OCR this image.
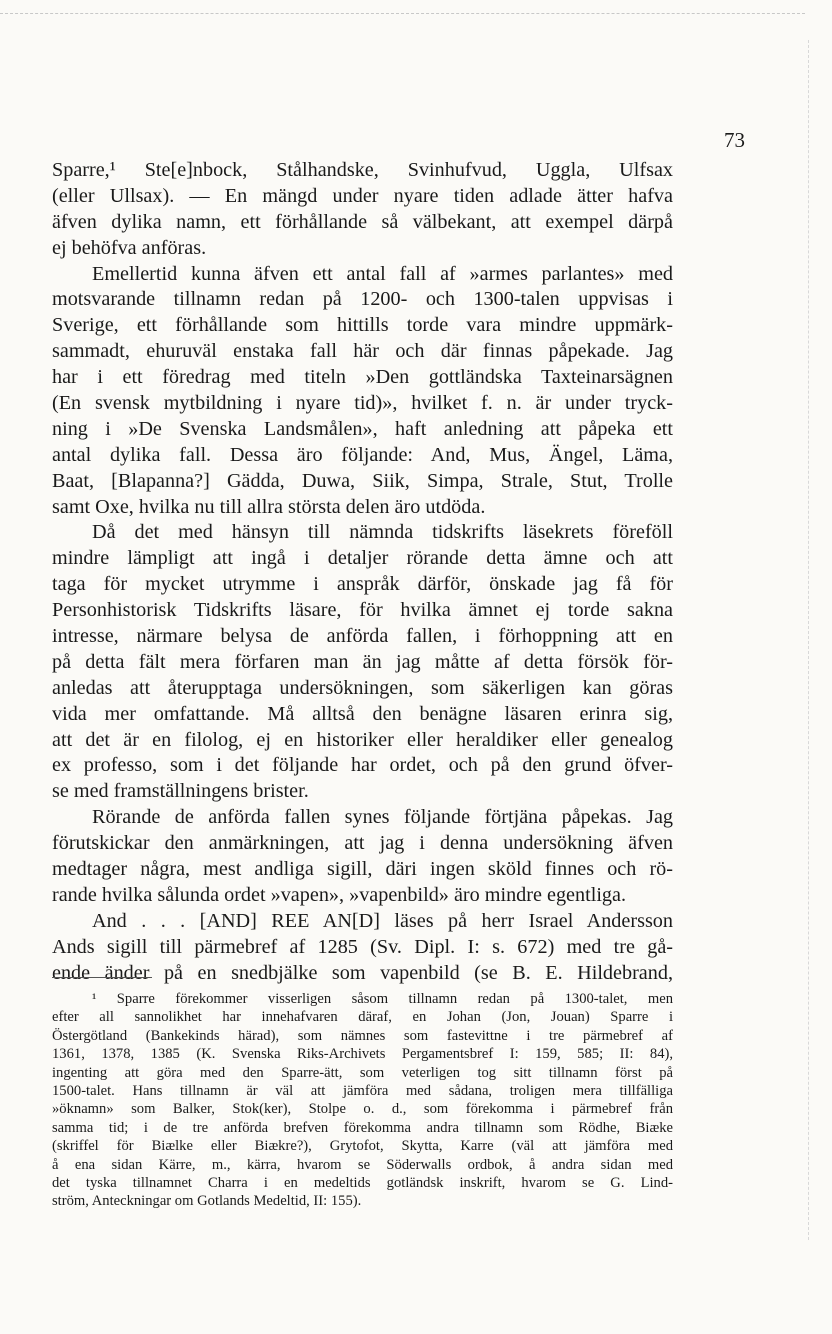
73
Sparre,¹ Ste[e]nbock, Stålhandske, Svinhufvud, Uggla, Ulfsax
(eller Ullsax). — En mängd under nyare tiden adlade ätter hafva
äfven dylika namn, ett förhållande så välbekant, att exempel därpå
ej behöfva anföras.
Emellertid kunna äfven ett antal fall af »armes parlantes» med
motsvarande tillnamn redan på 1200- och 1300-talen uppvisas i
Sverige, ett förhållande som hittills torde vara mindre uppmärk-
sammadt, ehuruväl enstaka fall här och där finnas påpekade. Jag
har i ett föredrag med titeln »Den gottländska Taxteinarsägnen
(En svensk mytbildning i nyare tid)», hvilket f. n. är under tryck-
ning i »De Svenska Landsmålen», haft anledning att påpeka ett
antal dylika fall. Dessa äro följande: And, Mus, Ängel, Läma,
Baat, [Blapanna?] Gädda, Duwa, Siik, Simpa, Strale, Stut, Trolle
samt Oxe, hvilka nu till allra största delen äro utdöda.
Då det med hänsyn till nämnda tidskrifts läsekrets föreföll
mindre lämpligt att ingå i detaljer rörande detta ämne och att
taga för mycket utrymme i anspråk därför, önskade jag få för
Personhistorisk Tidskrifts läsare, för hvilka ämnet ej torde sakna
intresse, närmare belysa de anförda fallen, i förhoppning att en
på detta fält mera förfaren man än jag måtte af detta försök för-
anledas att återupptaga undersökningen, som säkerligen kan göras
vida mer omfattande. Må alltså den benägne läsaren erinra sig,
att det är en filolog, ej en historiker eller heraldiker eller genealog
ex professo, som i det följande har ordet, och på den grund öfver-
se med framställningens brister.
Rörande de anförda fallen synes följande förtjäna påpekas. Jag
förutskickar den anmärkningen, att jag i denna undersökning äfven
medtager några, mest andliga sigill, däri ingen sköld finnes och rö-
rande hvilka sålunda ordet »vapen», »vapenbild» äro mindre egentliga.
And . . . [AND] REE AN[D] läses på herr Israel Andersson
Ands sigill till pärmebref af 1285 (Sv. Dipl. I: s. 672) med tre gå-
ende änder på en snedbjälke som vapenbild (se B. E. Hildebrand,
¹ Sparre förekommer visserligen såsom tillnamn redan på 1300-talet, men
efter all sannolikhet har innehafvaren däraf, en Johan (Jon, Jouan) Sparre i
Östergötland (Bankekinds härad), som nämnes som fastevittne i tre pärmebref af
1361, 1378, 1385 (K. Svenska Riks-Archivets Pergamentsbref I: 159, 585; II: 84),
ingenting att göra med den Sparre-ätt, som veterligen tog sitt tillnamn först på
1500-talet. Hans tillnamn är väl att jämföra med sådana, troligen mera tillfälliga
»öknamn» som Balker, Stok(ker), Stolpe o. d., som förekomma i pärmebref från
samma tid; i de tre anförda brefven förekomma andra tillnamn som Rödhe, Biæke
(skriffel för Biælke eller Biækre?), Grytofot, Skytta, Karre (väl att jämföra med
å ena sidan Kärre, m., kärra, hvarom se Söderwalls ordbok, å andra sidan med
det tyska tillnamnet Charra i en medeltids gotländsk inskrift, hvarom se G. Lind-
ström, Anteckningar om Gotlands Medeltid, II: 155).
